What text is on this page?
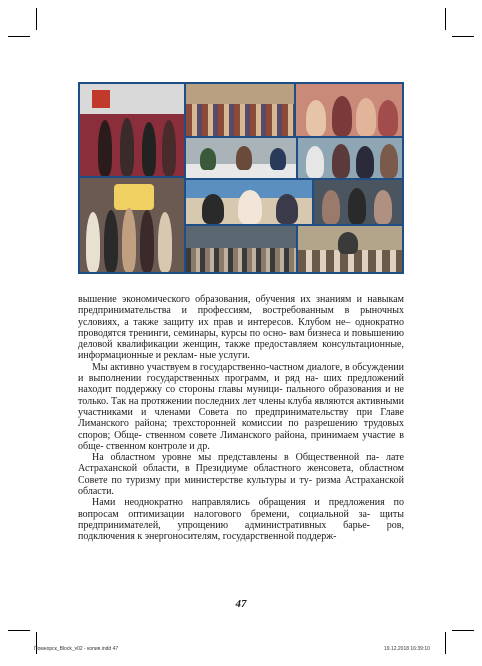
вышение экономического образования, обучения их знаниям и навыкам предпринимательства и профессиям, востребованным в рыночных условиях, а также защиту их прав и интересов. Клубом не– однократно проводятся тренинги, семинары, курсы по осно- вам бизнеса и повышению деловой квалификации женщин, также предоставляем консультационные, информационные и реклам- ные услуги.

Мы активно участвуем в государственно-частном диалоге, в обсуждении и выполнении государственных программ, и ряд на- ших предложений находит поддержку со стороны главы муници- пального образования и не только. Так на протяжении последних лет члены клуба являются активными участниками и членами Совета по предпринимательству при Главе Лиманского района; трехсторонней комиссии по разрешению трудовых споров; Обще- ственном совете Лиманского района, принимаем участие в обще- ственном контроле и др.

На областном уровне мы представлены в Общественной па- лате Астраханской области, в Президиуме областного женсовета, областном Совете по туризму при министерстве культуры и ту- ризма Астраханской области.

Нами неоднократно направлялись обращения и предложения по вопросам оптимизации налогового бремени, социальной за- щиты предпринимателей, упрощению административных барье- ров, подключения к энергоносителям, государственной поддерж-

47
Помнорск_Block_v02 - копия.indd 47	19.12.2018 16:39:10
